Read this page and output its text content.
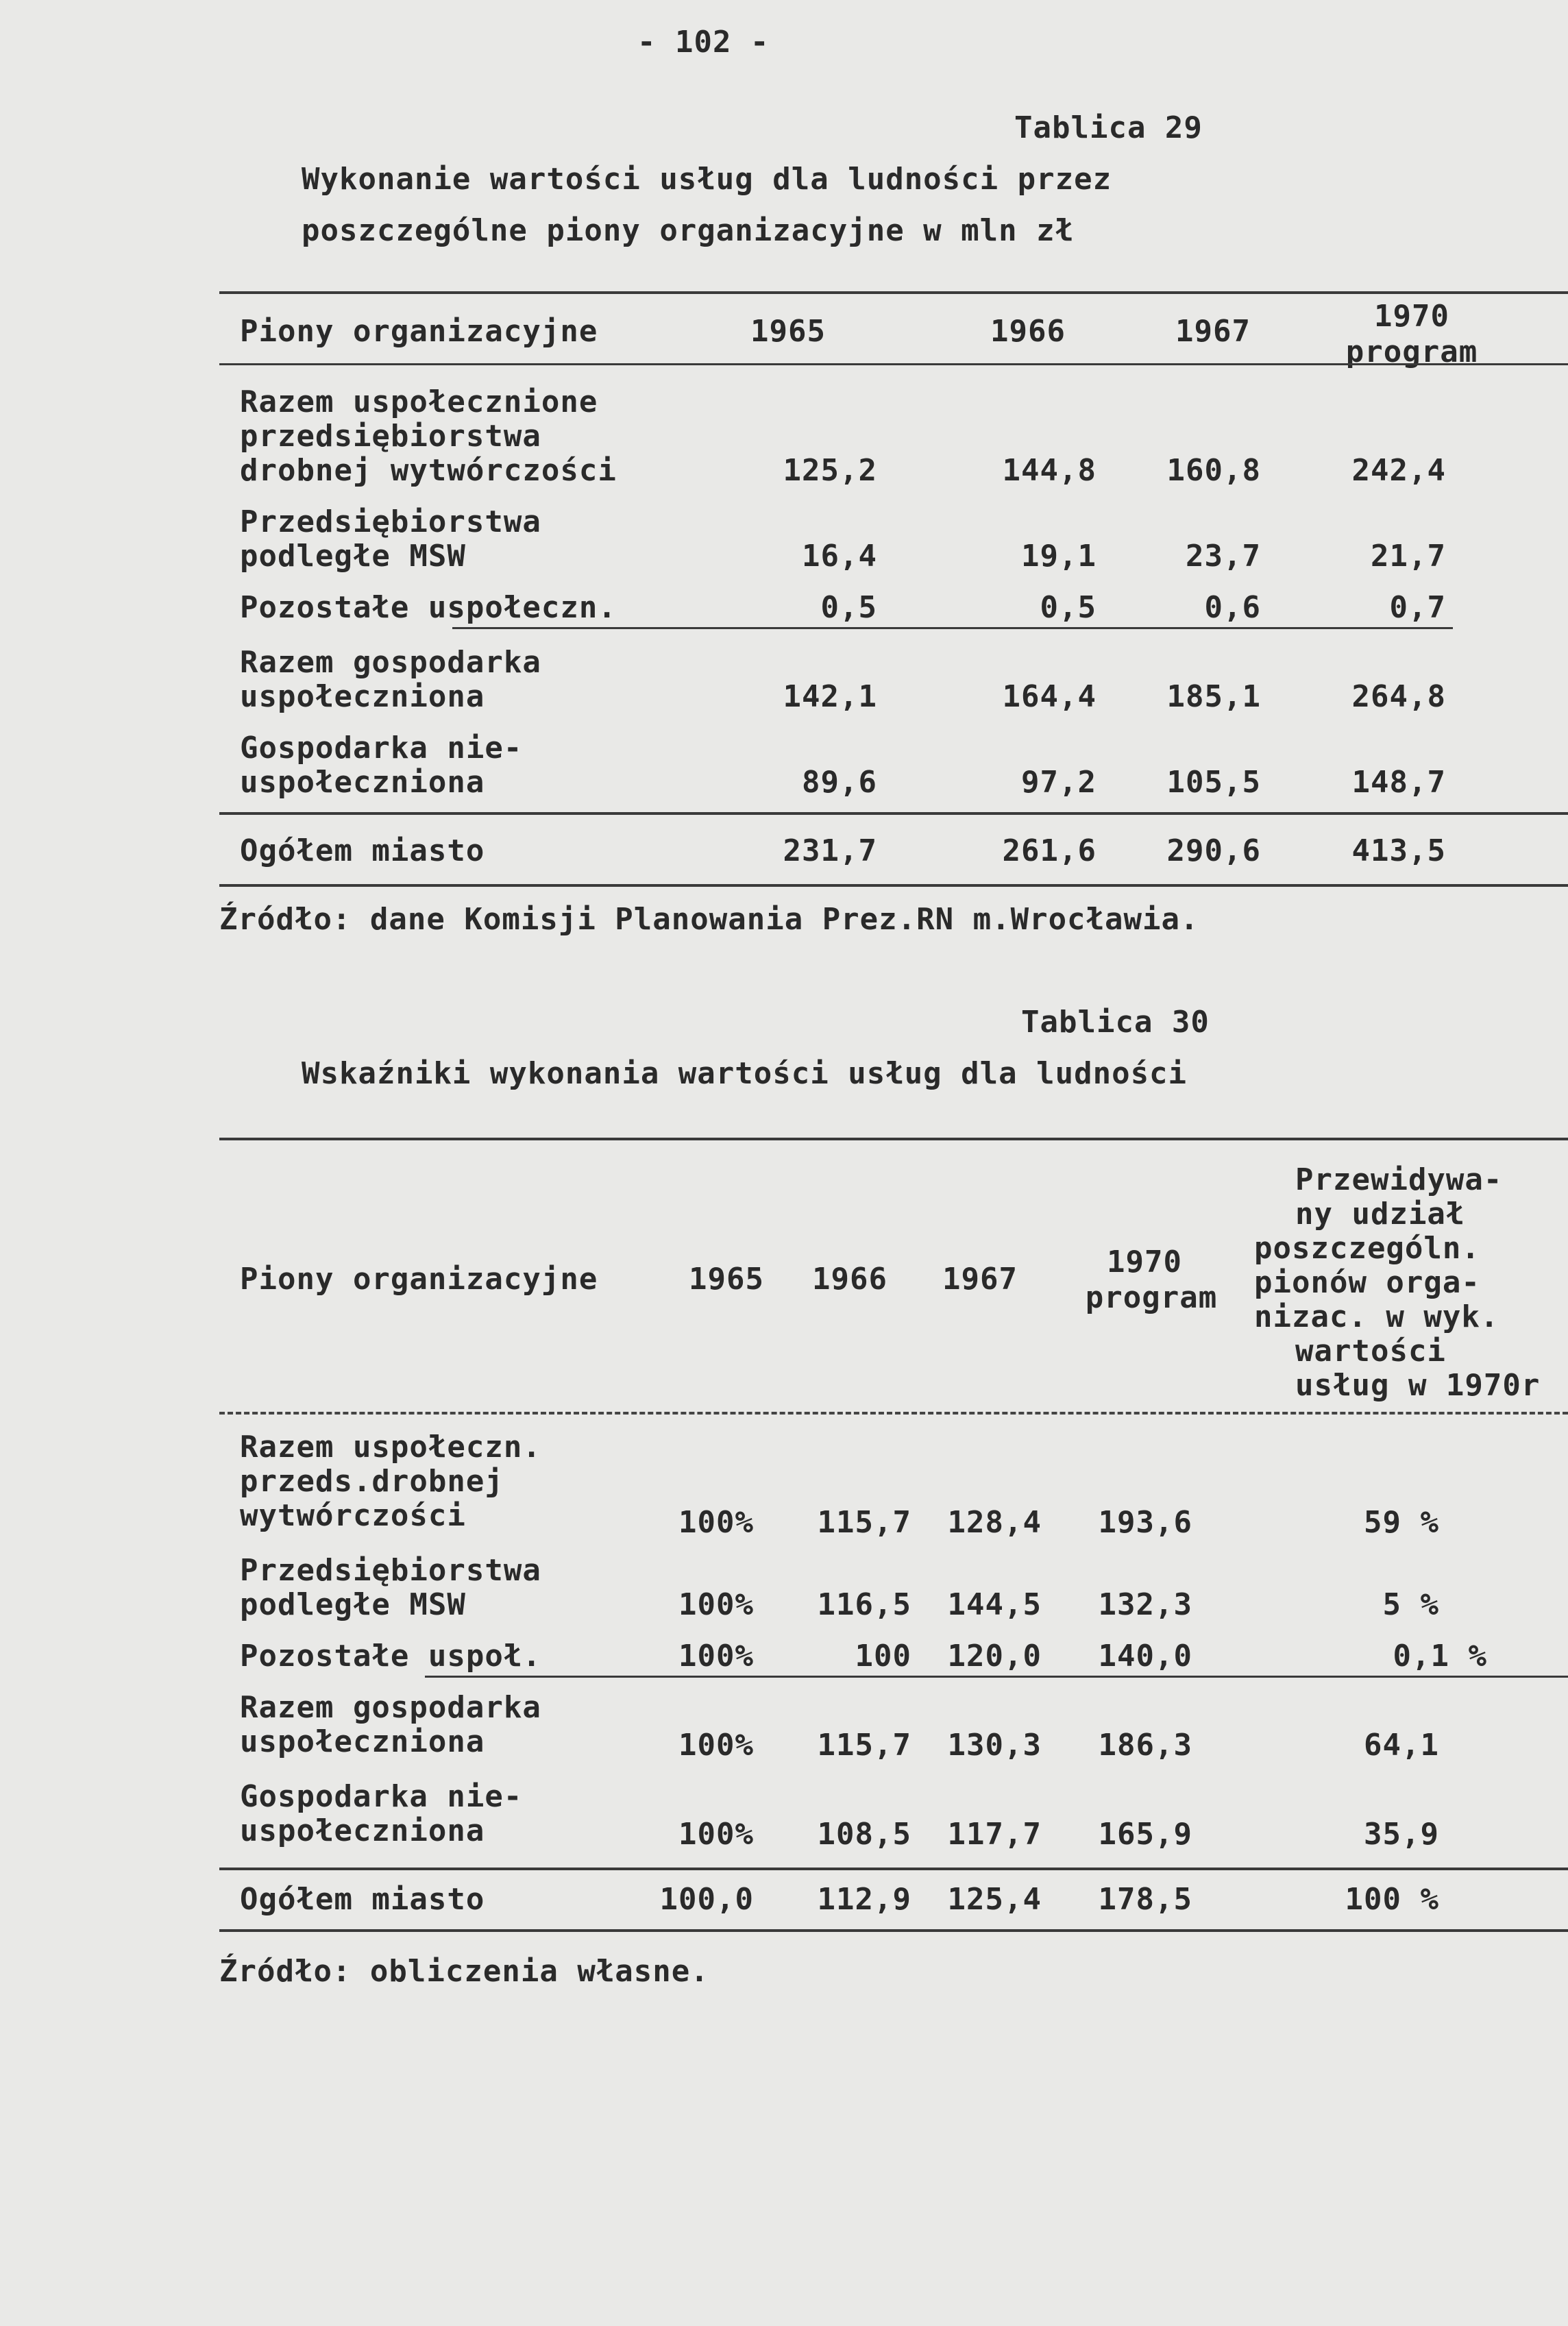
- 102 -
Tablica 29
Wykonanie wartości usług dla ludności przez
poszczególne piony organizacyjne w mln zł
Piony organizacyjne	1965	1966	1967	1970
program
Razem uspołecznione
przedsiębiorstwa
drobnej wytwórczości	125,2	144,8	160,8	242,4
Przedsiębiorstwa
podległe MSW	16,4	19,1	23,7	21,7
Pozostałe uspołeczn.	0,5	0,5	0,6	0,7
Razem gospodarka
uspołeczniona	142,1	164,4	185,1	264,8
Gospodarka nie-
uspołeczniona	89,6	97,2	105,5	148,7
Ogółem miasto	231,7	261,6	290,6	413,5
Źródło: dane Komisji Planowania Prez.RN m.Wrocławia.
Tablica 30
Wskaźniki wykonania wartości usług dla ludności
Piony organizacyjne	1965	1966	1967	1970
program
Przewidywa-
ny udział
poszczególn.
pionów orga-
nizac. w wyk.
wartości
usług w 1970r
Razem uspołeczn.
przeds.drobnej
wytwórczości	100%	115,7	128,4	193,6	59 %
Przedsiębiorstwa
podległe MSW	100%	116,5	144,5	132,3	5 %
Pozostałe uspoł.	100%	100	120,0	140,0	0,1 %
Razem gospodarka
uspołeczniona	100%	115,7	130,3	186,3	64,1
Gospodarka nie-
uspołeczniona	100%	108,5	117,7	165,9	35,9
Ogółem miasto	100,0	112,9	125,4	178,5	100 %
Źródło: obliczenia własne.
